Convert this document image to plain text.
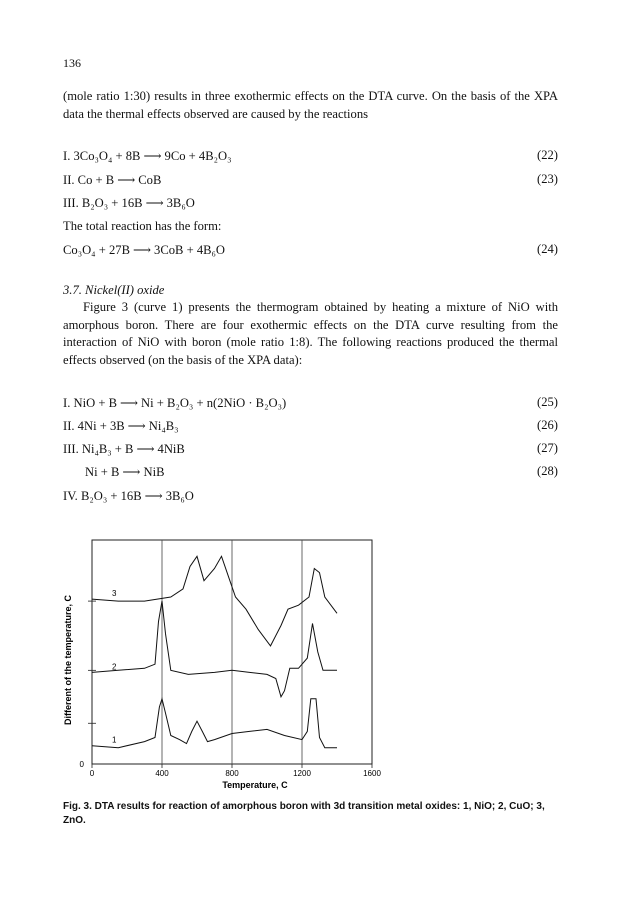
136

(mole ratio 1:30) results in three exothermic effects on the DTA curve. On the basis of the XPA data the thermal effects observed are caused by the reactions

I. 3Co₃O₄ + 8B ⟶ 9Co + 4B₂O₃	(22)
II. Co + B ⟶ CoB	(23)
III. B₂O₃ + 16B ⟶ 3B₆O

The total reaction has the form:

Co₃O₄ + 27B ⟶ 3CoB + 4B₆O	(24)
3.7. Nickel(II) oxide

Figure 3 (curve 1) presents the thermogram obtained by heating a mixture of NiO with amorphous boron. There are four exothermic effects on the DTA curve resulting from the interaction of NiO with boron (mole ratio 1:8). The following reactions produced the thermal effects observed (on the basis of the XPA data):

I. NiO + B ⟶ Ni + B₂O₃ + n(2NiO · B₂O₃)	(25)
II. 4Ni + 3B ⟶ Ni₄B₃	(26)
III. Ni₄B₃ + B ⟶ 4NiB	(27)
Ni + B ⟶ NiB	(28)
IV. B₂O₃ + 16B ⟶ 3B₆O
1
2
3
0	400	800	1200	1600
0
Different of the temperature, C
Temperature, C
Fig. 3. DTA results for reaction of amorphous boron with 3d transition metal oxides: 1, NiO; 2, CuO; 3, ZnO.
